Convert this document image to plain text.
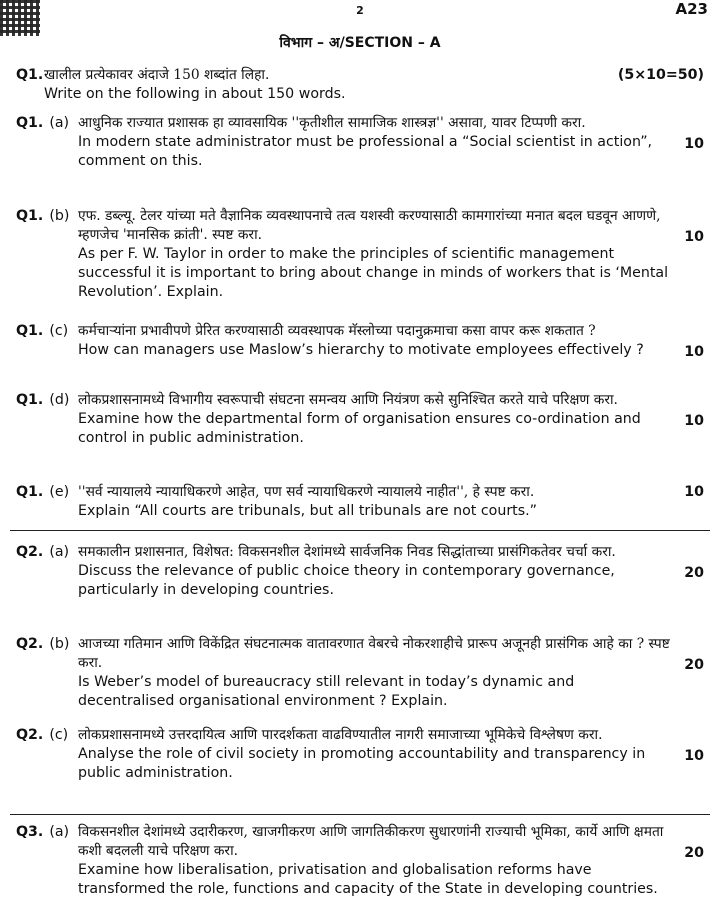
2	A23
विभाग – अ/SECTION – A
Q1. खालील प्रत्येकावर अंदाजे 150 शब्दांत लिहा.
Write on the following in about 150 words.
(5×10=50)
Q1. (a) आधुनिक राज्यात प्रशासक हा व्यावसायिक ''कृतीशील सामाजिक शास्त्रज्ञ'' असावा, यावर टिप्पणी करा.
In modern state administrator must be professional a “Social scientist in action”, comment on this.
10
Q1. (b) एफ. डब्ल्यू. टेलर यांच्या मते वैज्ञानिक व्यवस्थापनाचे तत्व यशस्वी करण्यासाठी कामगारांच्या मनात बदल घडवून आणणे, म्हणजेच 'मानसिक क्रांती'. स्पष्ट करा.
As per F. W. Taylor in order to make the principles of scientific management successful it is important to bring about change in minds of workers that is ‘Mental Revolution’. Explain.
10
Q1. (c) कर्मचाऱ्यांना प्रभावीपणे प्रेरित करण्यासाठी व्यवस्थापक मॅस्लोच्या पदानुक्रमाचा कसा वापर करू शकतात ?
How can managers use Maslow’s hierarchy to motivate employees effectively ?	10
Q1. (d) लोकप्रशासनामध्ये विभागीय स्वरूपाची संघटना समन्वय आणि नियंत्रण कसे सुनिश्चित करते याचे परिक्षण करा.
Examine how the departmental form of organisation ensures co-ordination and control in public administration.
10
Q1. (e) ''सर्व न्यायालये न्यायाधिकरणे आहेत, पण सर्व न्यायाधिकरणे न्यायालये नाहीत'', हे स्पष्ट करा.
Explain “All courts are tribunals, but all tribunals are not courts.”
10
Q2. (a) समकालीन प्रशासनात, विशेषत: विकसनशील देशांमध्ये सार्वजनिक निवड सिद्धांताच्या प्रासंगिकतेवर चर्चा करा.
Discuss the relevance of public choice theory in contemporary governance, particularly in developing countries.
20
Q2. (b) आजच्या गतिमान आणि विकेंद्रित संघटनात्मक वातावरणात वेबरचे नोकरशाहीचे प्रारूप अजूनही प्रासंगिक आहे का ? स्पष्ट करा.
Is Weber’s model of bureaucracy still relevant in today’s dynamic and decentralised organisational environment ? Explain.
20
Q2. (c) लोकप्रशासनामध्ये उत्तरदायित्व आणि पारदर्शकता वाढविण्यातील नागरी समाजाच्या भूमिकेचे विश्लेषण करा.
Analyse the role of civil society in promoting accountability and transparency in public administration.
10
Q3. (a) विकसनशील देशांमध्ये उदारीकरण, खाजगीकरण आणि जागतिकीकरण सुधारणांनी राज्याची भूमिका, कार्ये आणि क्षमता कशी बदलली याचे परिक्षण करा.
Examine how liberalisation, privatisation and globalisation reforms have transformed the role, functions and capacity of the State in developing countries.
20
